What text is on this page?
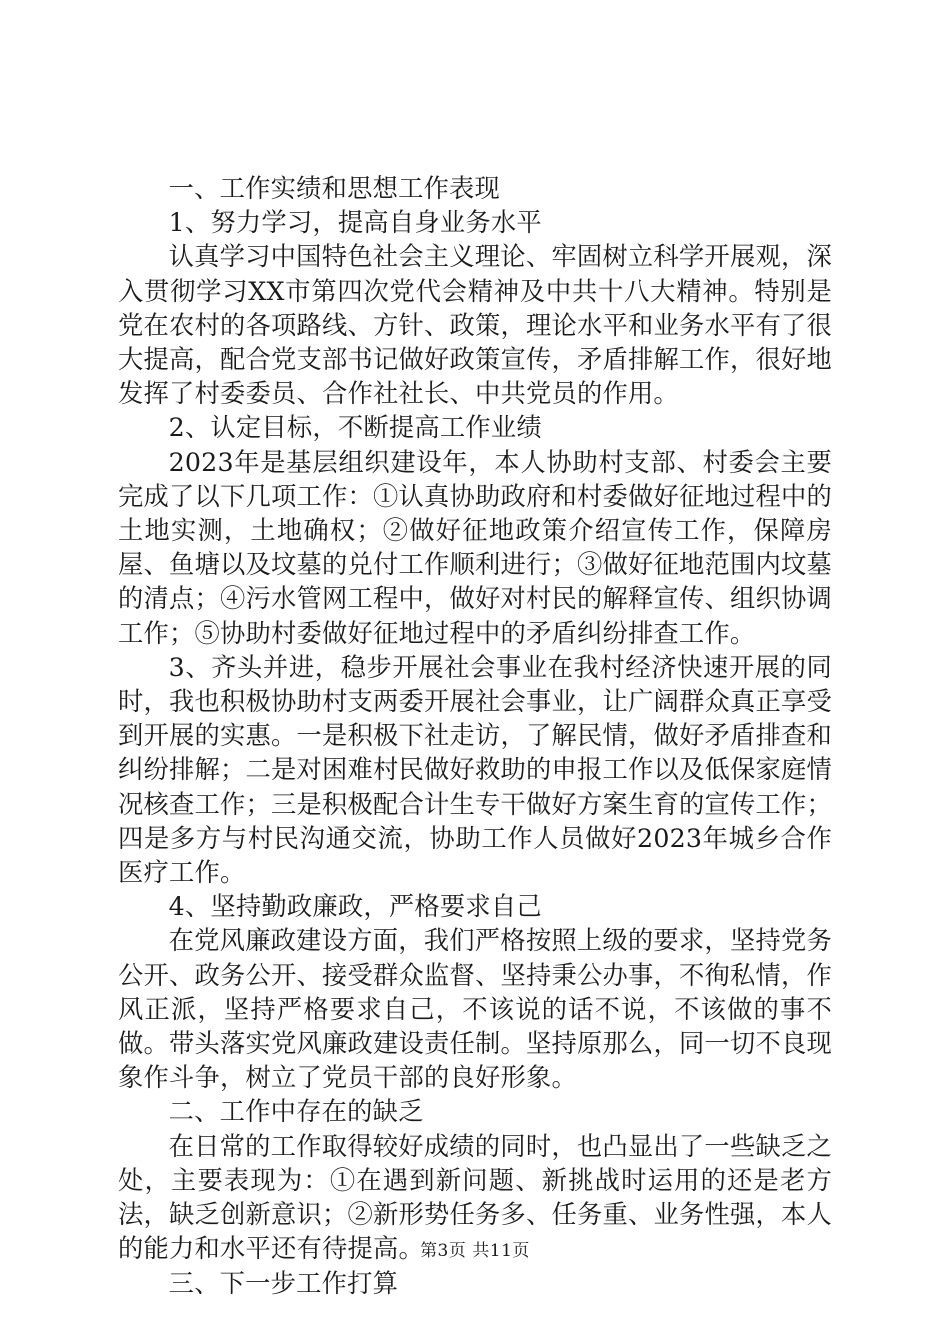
一、工作实绩和思想工作表现

1、努力学习，提高自身业务水平

认真学习中国特色社会主义理论、牢固树立科学开展观，深入贯彻学习XX市第四次党代会精神及中共十八大精神。特别是党在农村的各项路线、方针、政策，理论水平和业务水平有了很大提高，配合党支部书记做好政策宣传，矛盾排解工作，很好地发挥了村委委员、合作社社长、中共党员的作用。

2、认定目标，不断提高工作业绩

2023年是基层组织建设年，本人协助村支部、村委会主要完成了以下几项工作：①认真协助政府和村委做好征地过程中的土地实测，土地确权；②做好征地政策介绍宣传工作，保障房屋、鱼塘以及坟墓的兑付工作顺利进行；③做好征地范围内坟墓的清点；④污水管网工程中，做好对村民的解释宣传、组织协调工作；⑤协助村委做好征地过程中的矛盾纠纷排查工作。

3、齐头并进，稳步开展社会事业在我村经济快速开展的同时，我也积极协助村支两委开展社会事业，让广阔群众真正享受到开展的实惠。一是积极下社走访，了解民情，做好矛盾排查和纠纷排解；二是对困难村民做好救助的申报工作以及低保家庭情况核查工作；三是积极配合计生专干做好方案生育的宣传工作；四是多方与村民沟通交流，协助工作人员做好2023年城乡合作医疗工作。

4、坚持勤政廉政，严格要求自己

在党风廉政建设方面，我们严格按照上级的要求，坚持党务公开、政务公开、接受群众监督、坚持秉公办事，不徇私情，作风正派，坚持严格要求自己，不该说的话不说，不该做的事不做。带头落实党风廉政建设责任制。坚持原那么，同一切不良现象作斗争，树立了党员干部的良好形象。

二、工作中存在的缺乏

在日常的工作取得较好成绩的同时，也凸显出了一些缺乏之处，主要表现为：①在遇到新问题、新挑战时运用的还是老方法，缺乏创新意识；②新形势任务多、任务重、业务性强，本人的能力和水平还有待提高。

三、下一步工作打算

第3页 共11页
